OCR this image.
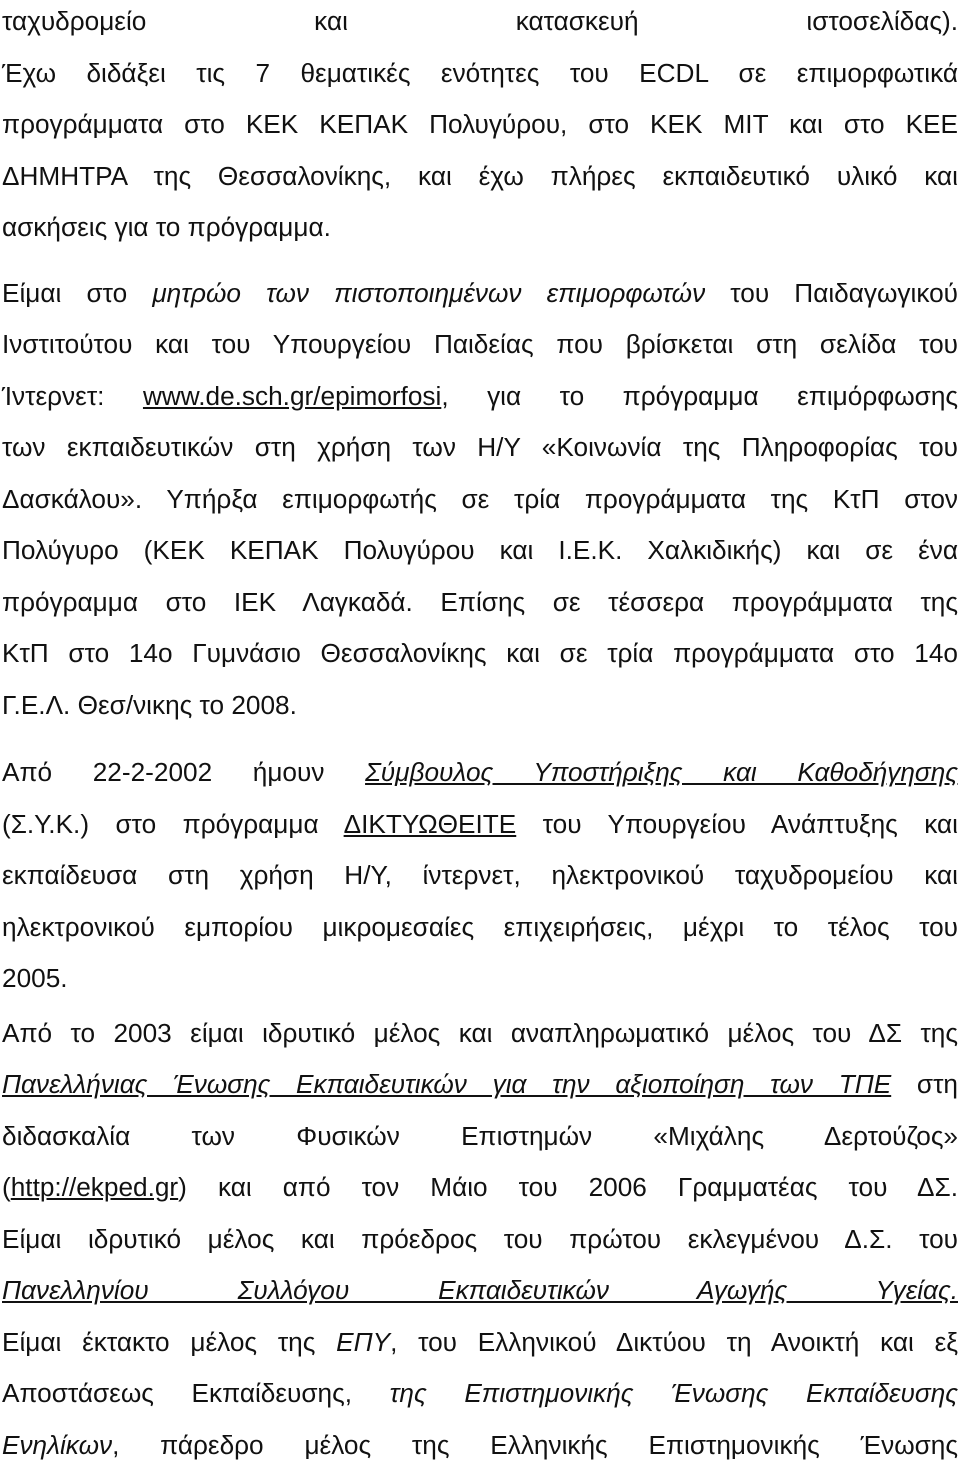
ταχυδρομείο και κατασκευή ιστοσελίδας).
Έχω διδάξει τις 7 θεματικές ενότητες του ECDL σε επιμορφωτικά
προγράμματα στο ΚΕΚ ΚΕΠΑΚ Πολυγύρου, στο ΚΕΚ ΜΙΤ και στο ΚΕΕ
ΔΗΜΗΤΡΑ της Θεσσαλονίκης, και έχω πλήρες εκπαιδευτικό υλικό και
ασκήσεις για το πρόγραμμα.
Είμαι στο μητρώο των πιστοποιημένων επιμορφωτών του Παιδαγωγικού
Ινστιτούτου και του Υπουργείου Παιδείας που βρίσκεται στη σελίδα του
Ίντερνετ: www.de.sch.gr/epimorfosi, για το πρόγραμμα επιμόρφωσης
των εκπαιδευτικών στη χρήση των Η/Υ «Κοινωνία της Πληροφορίας του
Δασκάλου». Υπήρξα επιμορφωτής σε τρία προγράμματα της ΚτΠ στον
Πολύγυρο (ΚΕΚ ΚΕΠΑΚ Πολυγύρου και Ι.Ε.Κ. Χαλκιδικής) και σε ένα
πρόγραμμα στο ΙΕΚ Λαγκαδά. Επίσης σε τέσσερα προγράμματα της
ΚτΠ στο 14ο Γυμνάσιο Θεσσαλονίκης και σε τρία προγράμματα στο 14ο
Γ.Ε.Λ. Θεσ/νικης το 2008.
Από 22-2-2002 ήμουν Σύμβουλος Υποστήριξης και Καθοδήγησης
(Σ.Υ.Κ.) στο πρόγραμμα ΔΙΚΤΥΩΘΕΙΤΕ του Υπουργείου Ανάπτυξης και
εκπαίδευσα στη χρήση Η/Υ, ίντερνετ, ηλεκτρονικού ταχυδρομείου και
ηλεκτρονικού εμπορίου μικρομεσαίες επιχειρήσεις, μέχρι το τέλος του
2005.
Από το 2003 είμαι ιδρυτικό μέλος και αναπληρωματικό μέλος του ΔΣ της
Πανελλήνιας Ένωσης Εκπαιδευτικών για την αξιοποίηση των ΤΠΕ στη
διδασκαλία των Φυσικών Επιστημών «Μιχάλης Δερτούζος»
(http://ekped.gr) και από τον Μάιο του 2006 Γραμματέας του ΔΣ.
Είμαι ιδρυτικό μέλος και πρόεδρος του πρώτου εκλεγμένου Δ.Σ. του
Πανελληνίου Συλλόγου Εκπαιδευτικών Αγωγής Υγείας.
Είμαι έκτακτο μέλος της ΕΠΥ, του Ελληνικού Δικτύου τη Ανοικτή και εξ
Αποστάσεως Εκπαίδευσης, της Επιστημονικής Ένωσης Εκπαίδευσης
Ενηλίκων, πάρεδρο μέλος της Ελληνικής Επιστημονικής Ένωσης
